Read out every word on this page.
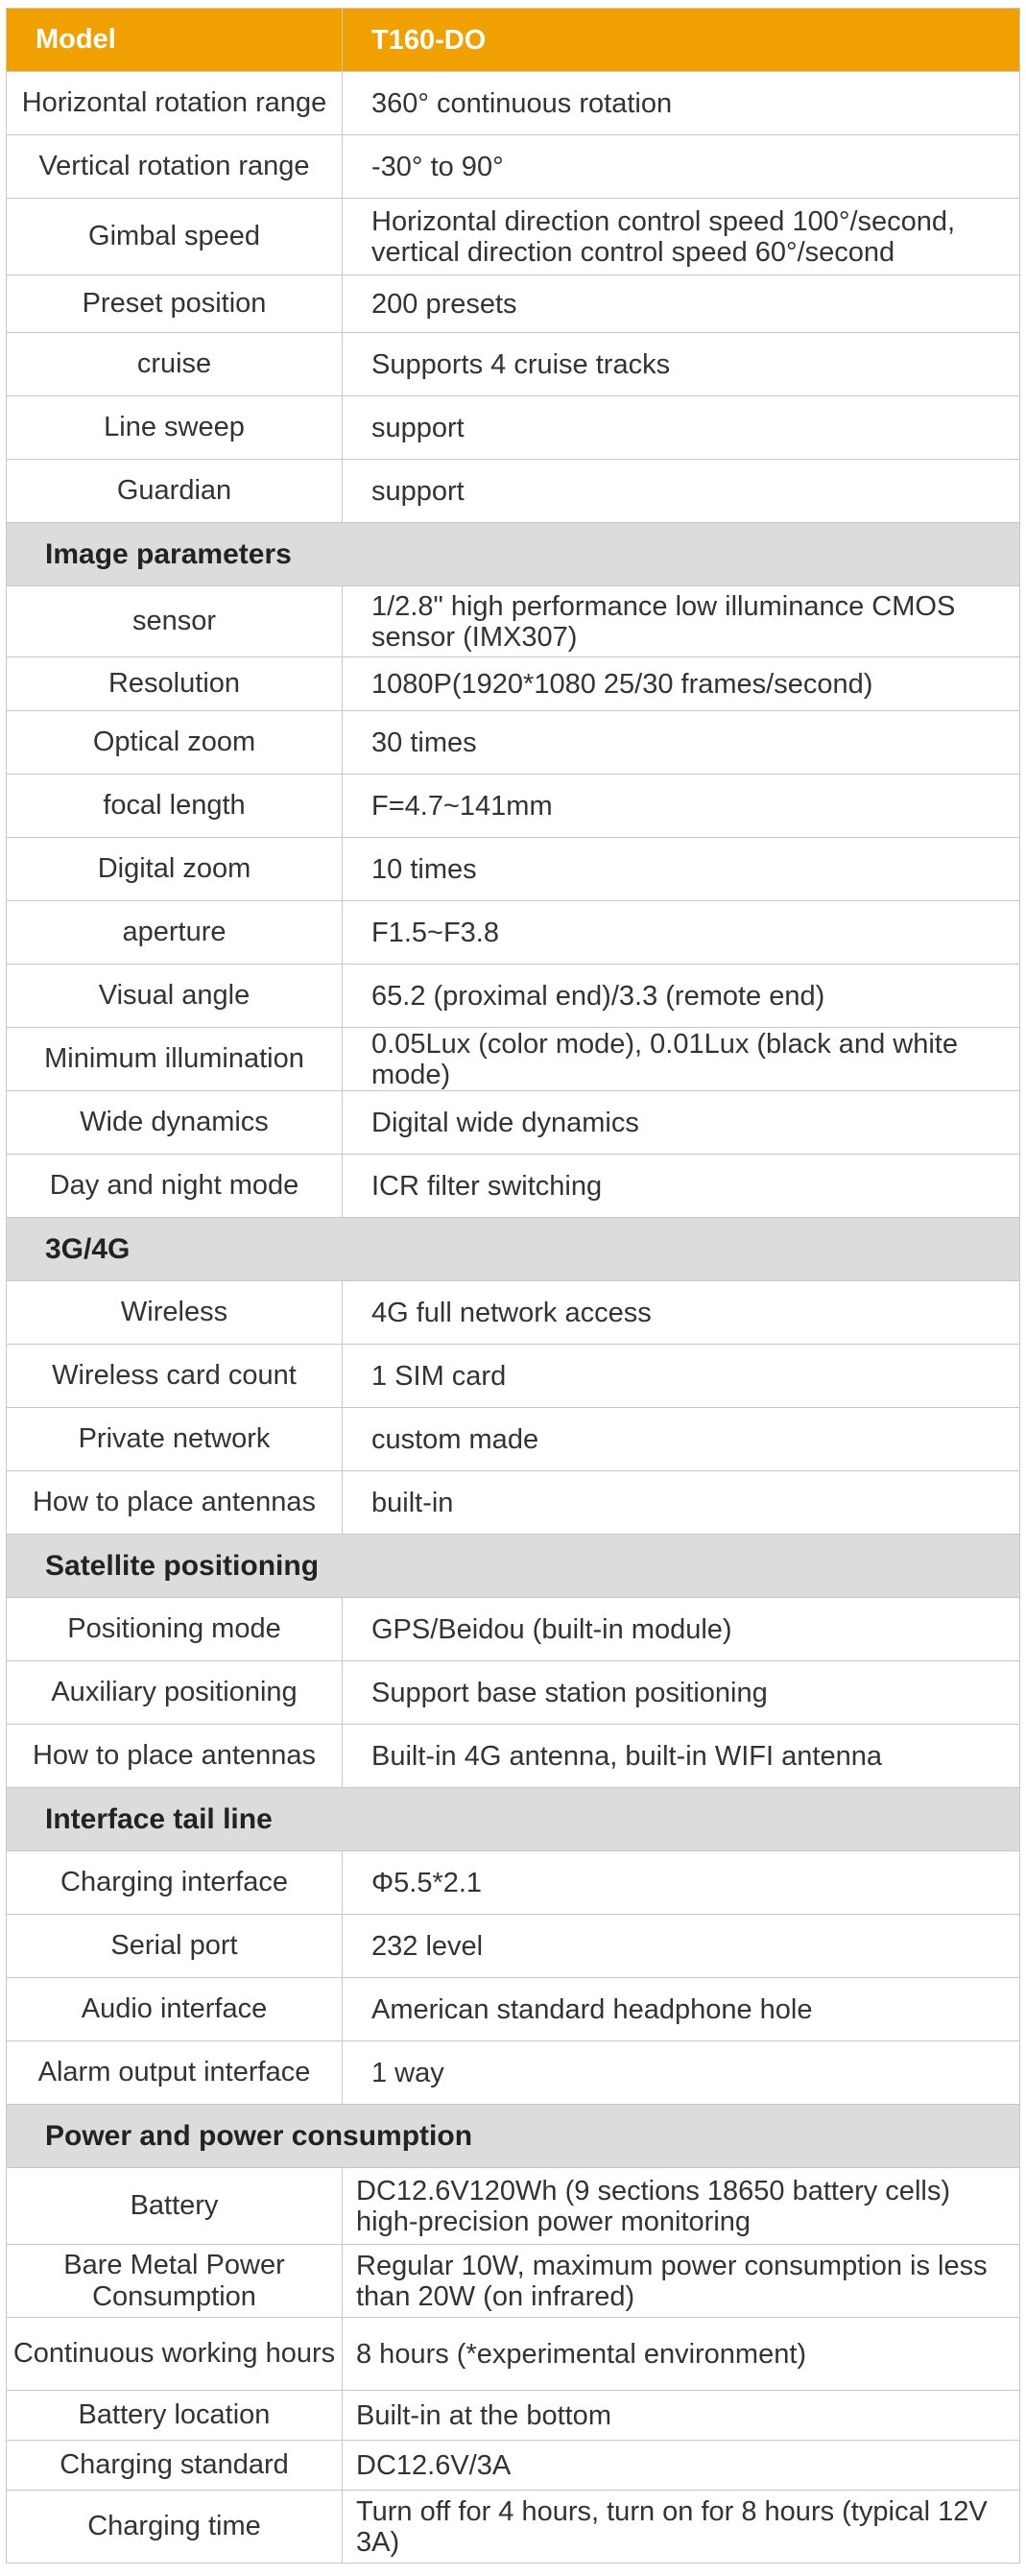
Model	T160-DO
Horizontal rotation range	360° continuous rotation
Vertical rotation range	-30° to 90°
Gimbal speed	Horizontal direction control speed 100°/second, vertical direction control speed 60°/second
Preset position	200 presets
cruise	Supports 4 cruise tracks
Line sweep	support
Guardian	support
Image parameters	
sensor	1/2.8" high performance low illuminance CMOS sensor (IMX307)
Resolution	1080P(1920*1080 25/30 frames/second)
Optical zoom	30 times
focal length	F=4.7~141mm
Digital zoom	10 times
aperture	F1.5~F3.8
Visual angle	65.2 (proximal end)/3.3 (remote end)
Minimum illumination	0.05Lux (color mode), 0.01Lux (black and white mode)
Wide dynamics	Digital wide dynamics
Day and night mode	ICR filter switching
3G/4G	
Wireless	4G full network access
Wireless card count	1 SIM card
Private network	custom made
How to place antennas	built-in
Satellite positioning	
Positioning mode	GPS/Beidou (built-in module)
Auxiliary positioning	Support base station positioning
How to place antennas	Built-in 4G antenna, built-in WIFI antenna
Interface tail line	
Charging interface	Φ5.5*2.1
Serial port	232 level
Audio interface	American standard headphone hole
Alarm output interface	1 way
Power and power consumption	
Battery	DC12.6V120Wh (9 sections 18650 battery cells) high-precision power monitoring
Bare Metal Power Consumption	Regular 10W, maximum power consumption is less than 20W (on infrared)
Continuous working hours	8 hours (*experimental environment)
Battery location	Built-in at the bottom
Charging standard	DC12.6V/3A
Charging time	Turn off for 4 hours, turn on for 8 hours (typical 12V 3A)
